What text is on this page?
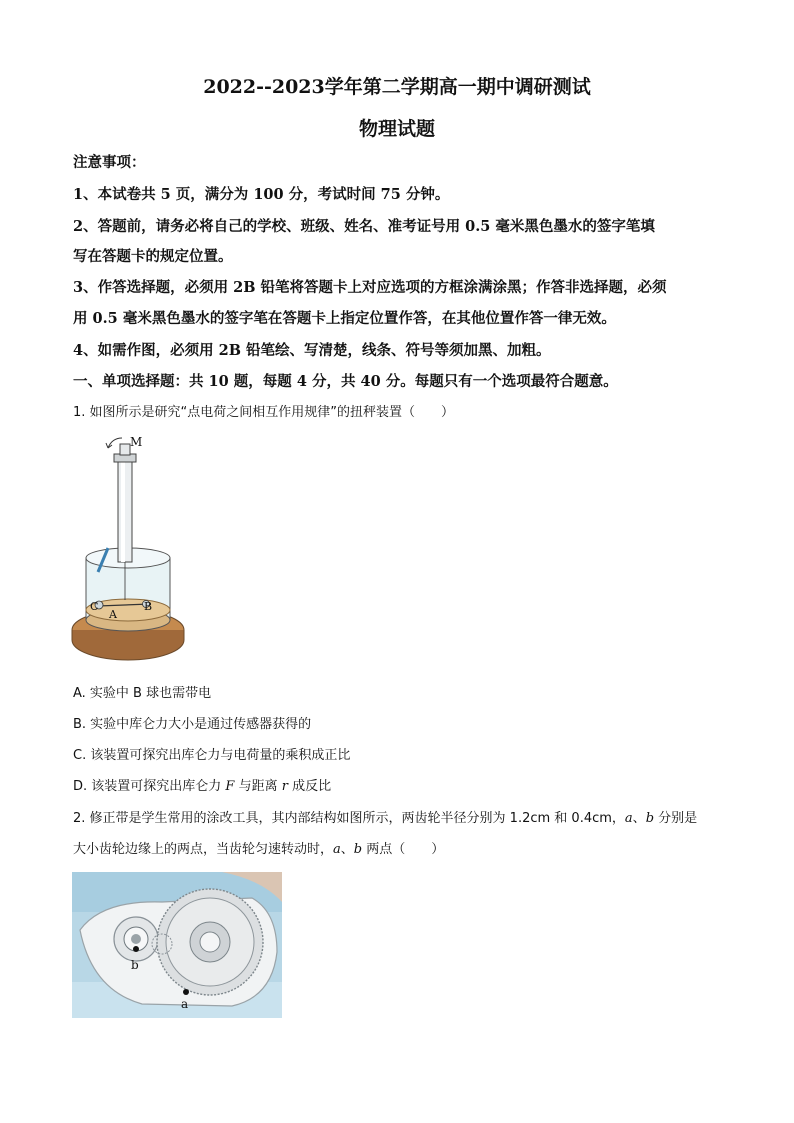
2022--2023学年第二学期高一期中调研测试
物理试题
注意事项：
1、本试卷共 5 页，满分为 100 分，考试时间 75 分钟。
2、答题前，请务必将自己的学校、班级、姓名、准考证号用 0.5 毫米黑色墨水的签字笔填
写在答题卡的规定位置。
3、作答选择题，必须用 2B 铅笔将答题卡上对应选项的方框涂满涂黑；作答非选择题，必须
用 0.5 毫米黑色墨水的签字笔在答题卡上指定位置作答，在其他位置作答一律无效。
4、如需作图，必须用 2B 铅笔绘、写清楚，线条、符号等须加黑、加粗。
一、单项选择题：共 10 题，每题 4 分，共 40 分。每题只有一个选项最符合题意。
1. 如图所示是研究“点电荷之间相互作用规律”的扭秤装置（　　）
M
C
A
B
A. 实验中 B 球也需带电
B. 实验中库仑力大小是通过传感器获得的
C. 该装置可探究出库仑力与电荷量的乘积成正比
D. 该装置可探究出库仑力 F 与距离 r 成反比
2. 修正带是学生常用的涂改工具，其内部结构如图所示，两齿轮半径分别为 1.2cm 和 0.4cm，a、b 分别是
大小齿轮边缘上的两点，当齿轮匀速转动时，a、b 两点（　　）
b
a
